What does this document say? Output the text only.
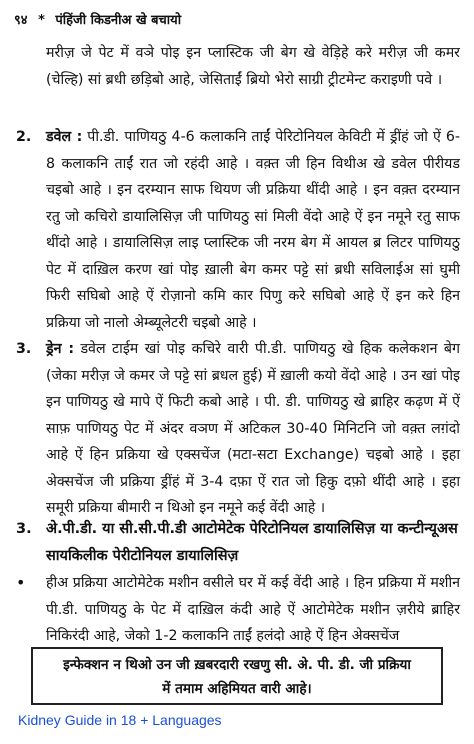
९४ * पंहिंजी किडनीअ खे बचायो
मरीज़ जे पेट में वञे पोइ इन प्लास्टिक जी बेग खे वेड़िहे करे मरीज़ जी कमर (चेल्हि) सां ब्रधी छड़िबो आहे, जेसिताईं ब्रियो भेरो साग्री ट्रीटमेन्ट कराइणी पवे ।
2.	डवेल : पी.डी. पाणियठु 4-6 कलाकनि ताईं पेरिटोनियल केविटी में ड्रींहं जो ऐं 6-8 कलाकनि ताईं रात जो रहंदी आहे । वक़्त जी हिन विथीअ खे डवेल पीरीयड चइबो आहे । इन दरम्यान साफ थियण जी प्रक्रिया थींदी आहे । इन वक़्त दरम्यान रतु जो कचिरो डायालिसिज़ जी पाणियठु सां मिली वेंदो आहे ऐं इन नमूने रतु साफ थींदो आहे । डायालिसिज़ लाइ प्लास्टिक जी नरम बेग में आयल ब्र लिटर पाणियठु पेट में दाख़िल करण खां पोइ ख़ाली बेग कमर पट्टे सां ब्रधी सविलाईअ सां घुमी फिरी सघिबो आहे ऐं रोज़ानो कमि कार पिणु करे सघिबो आहे ऐं इन करे हिन प्रक्रिया जो नालो अेम्ब्यूलेटरी चइबो आहे ।
3.	ड्रेन : डवेल टाईम खां पोइ कचिरे वारी पी.डी. पाणियठु खे हिक कलेकशन बेग (जेका मरीज़ जे कमर जे पट्टे सां ब्रधल हुई) में ख़ाली कयो वेंदो आहे । उन खां पोइ इन पाणियठु खे मापे ऐं फिटी कबो आहे । पी. डी. पाणियठु खे ब्राहिर कढ़ण में ऐं साफ़ पाणियठु पेट में अंदर वञण में अटिकल 30-40 मिनिटनि जो वक़्त लग़ंदो आहे ऐं हिन प्रक्रिया खे एक्सचेंज (मटा-सटा Exchange) चइबो आहे । इहा अेक्सचेंज जी प्रक्रिया ड्रींहं में 3-4 दफ़ा ऐं रात जो हिकु दफ़ो थींदी आहे । इहा समूरी प्रक्रिया बीमारी न थिओ इन नमूने कई वेंदी आहे ।
3. अे.पी.डी. या सी.सी.पी.डी आटोमेटेक पेरिटोनियल डायालिसिज़ या कन्टीन्यूअस सायकिलीक पेरीटोनियल डायालिसिज़
•	हीअ प्रक्रिया आटोमेटेक मशीन वसीले घर में कई वेंदी आहे । हिन प्रक्रिया में मशीन पी.डी. पाणियठु के पेट में दाख़िल कंदी आहे ऐं आटोमेटेक मशीन ज़रीये ब्राहिर निकिरंदी आहे, जेको 1-2 कलाकनि ताईं हलंदो आहे ऐं हिन अेक्सचेंज
इन्फेक्शन न थिओ उन जी ख़बरदारी रखणु सी. अे. पी. डी. जी प्रक्रिया
में तमाम अहिमियत वारी आहे।
Kidney Guide in 18 + Languages
